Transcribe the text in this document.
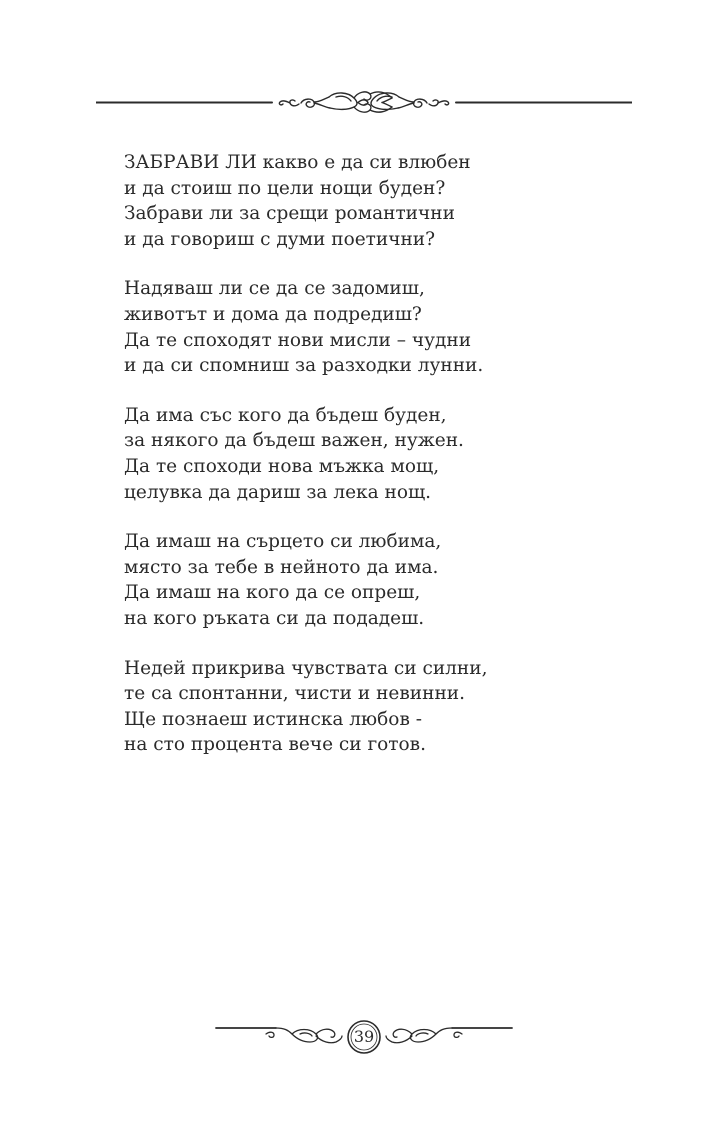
ЗАБРАВИ ЛИ какво е да си влюбен
и да стоиш по цели нощи буден?
Забрави ли за срещи романтични
и да говориш с думи поетични?
Надяваш ли се да се задомиш,
животът и дома да подредиш?
Да те споходят нови мисли – чудни
и да си спомниш за разходки лунни.
Да има със кого да бъдеш буден,
за някого да бъдеш важен, нужен.
Да те споходи нова мъжка мощ,
целувка да дариш за лека нощ.
Да имаш на сърцето си любима,
място за тебе в нейното да има.
Да имаш на кого да се опреш,
на кого ръката си да подадеш.
Недей прикрива чувствата си силни,
те са спонтанни, чисти и невинни.
Ще познаеш истинска любов -
на сто процента вече си готов.
39
